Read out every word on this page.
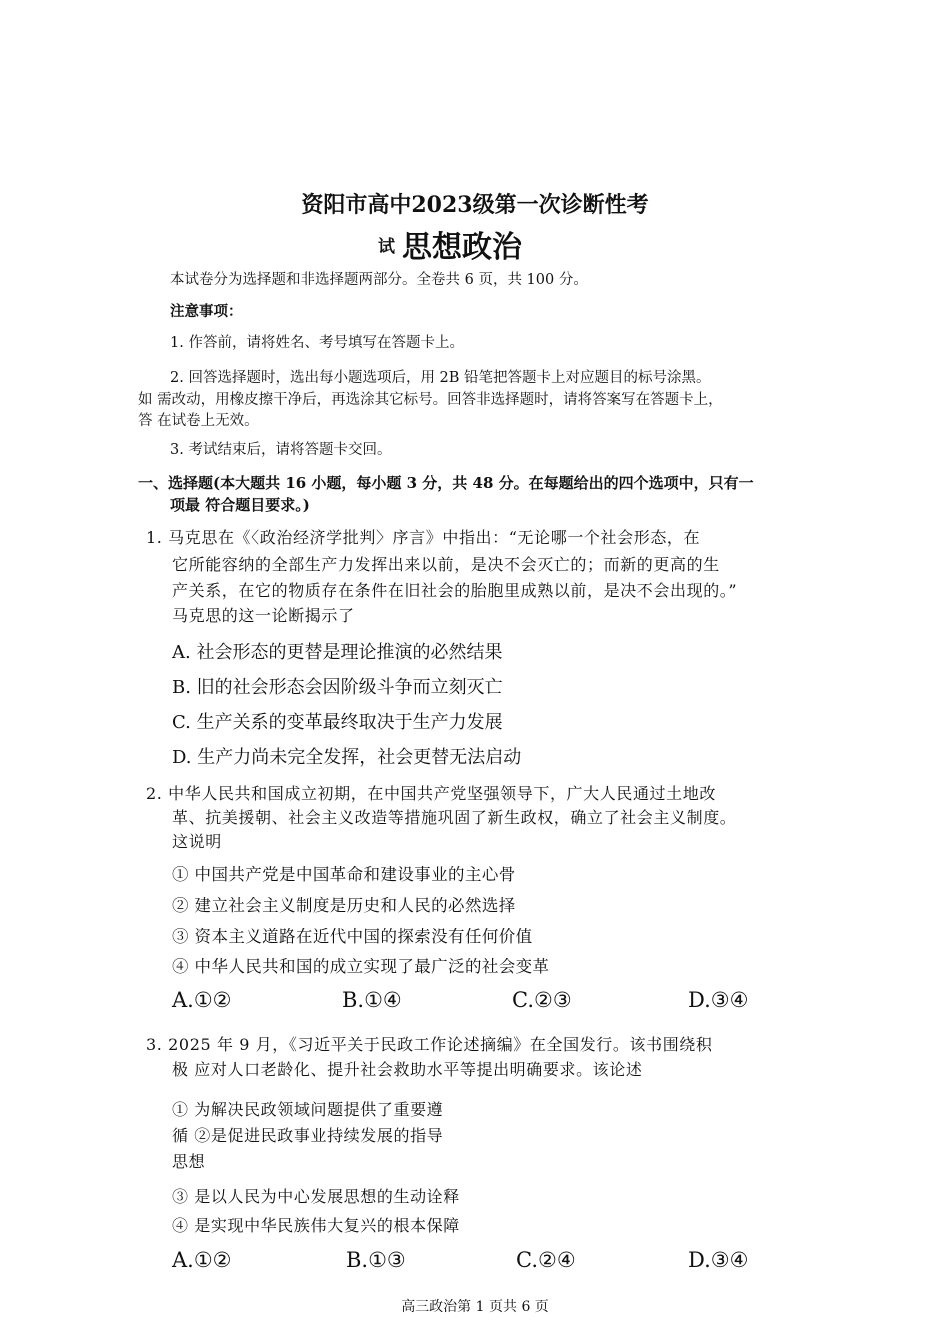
资阳市高中2023级第一次诊断性考
试 思想政治
本试卷分为选择题和非选择题两部分。全卷共 6 页，共 100 分。
注意事项：
1. 作答前，请将姓名、考号填写在答题卡上。
2. 回答选择题时，选出每小题选项后，用 2B 铅笔把答题卡上对应题目的标号涂黑。
如 需改动，用橡皮擦干净后，再选涂其它标号。回答非选择题时，请将答案写在答题卡上，
答 在试卷上无效。
3. 考试结束后，请将答题卡交回。
一、选择题(本大题共 16 小题，每小题 3 分，共 48 分。在每题给出的四个选项中，只有一
项最 符合题目要求。)
1. 马克思在《〈政治经济学批判〉序言》中指出：“无论哪一个社会形态，在
它所能容纳的全部生产力发挥出来以前，是决不会灭亡的；而新的更高的生
产关系，在它的物质存在条件在旧社会的胎胞里成熟以前，是决不会出现的。”
马克思的这一论断揭示了
A. 社会形态的更替是理论推演的必然结果
B. 旧的社会形态会因阶级斗争而立刻灭亡
C. 生产关系的变革最终取决于生产力发展
D. 生产力尚未完全发挥，社会更替无法启动
2. 中华人民共和国成立初期，在中国共产党坚强领导下，广大人民通过土地改
革、抗美援朝、社会主义改造等措施巩固了新生政权，确立了社会主义制度。
这说明
① 中国共产党是中国革命和建设事业的主心骨
② 建立社会主义制度是历史和人民的必然选择
③ 资本主义道路在近代中国的探索没有任何价值
④ 中华人民共和国的成立实现了最广泛的社会变革
A.①②	B.①④	C.②③	D.③④
3. 2025 年 9 月，《习近平关于民政工作论述摘编》在全国发行。该书围绕积
极 应对人口老龄化、提升社会救助水平等提出明确要求。该论述
① 为解决民政领域问题提供了重要遵
循 ②是促进民政事业持续发展的指导
思想
③ 是以人民为中心发展思想的生动诠释
④ 是实现中华民族伟大复兴的根本保障
A.①②	B.①③	C.②④	D.③④
高三政治第 1 页共 6 页
